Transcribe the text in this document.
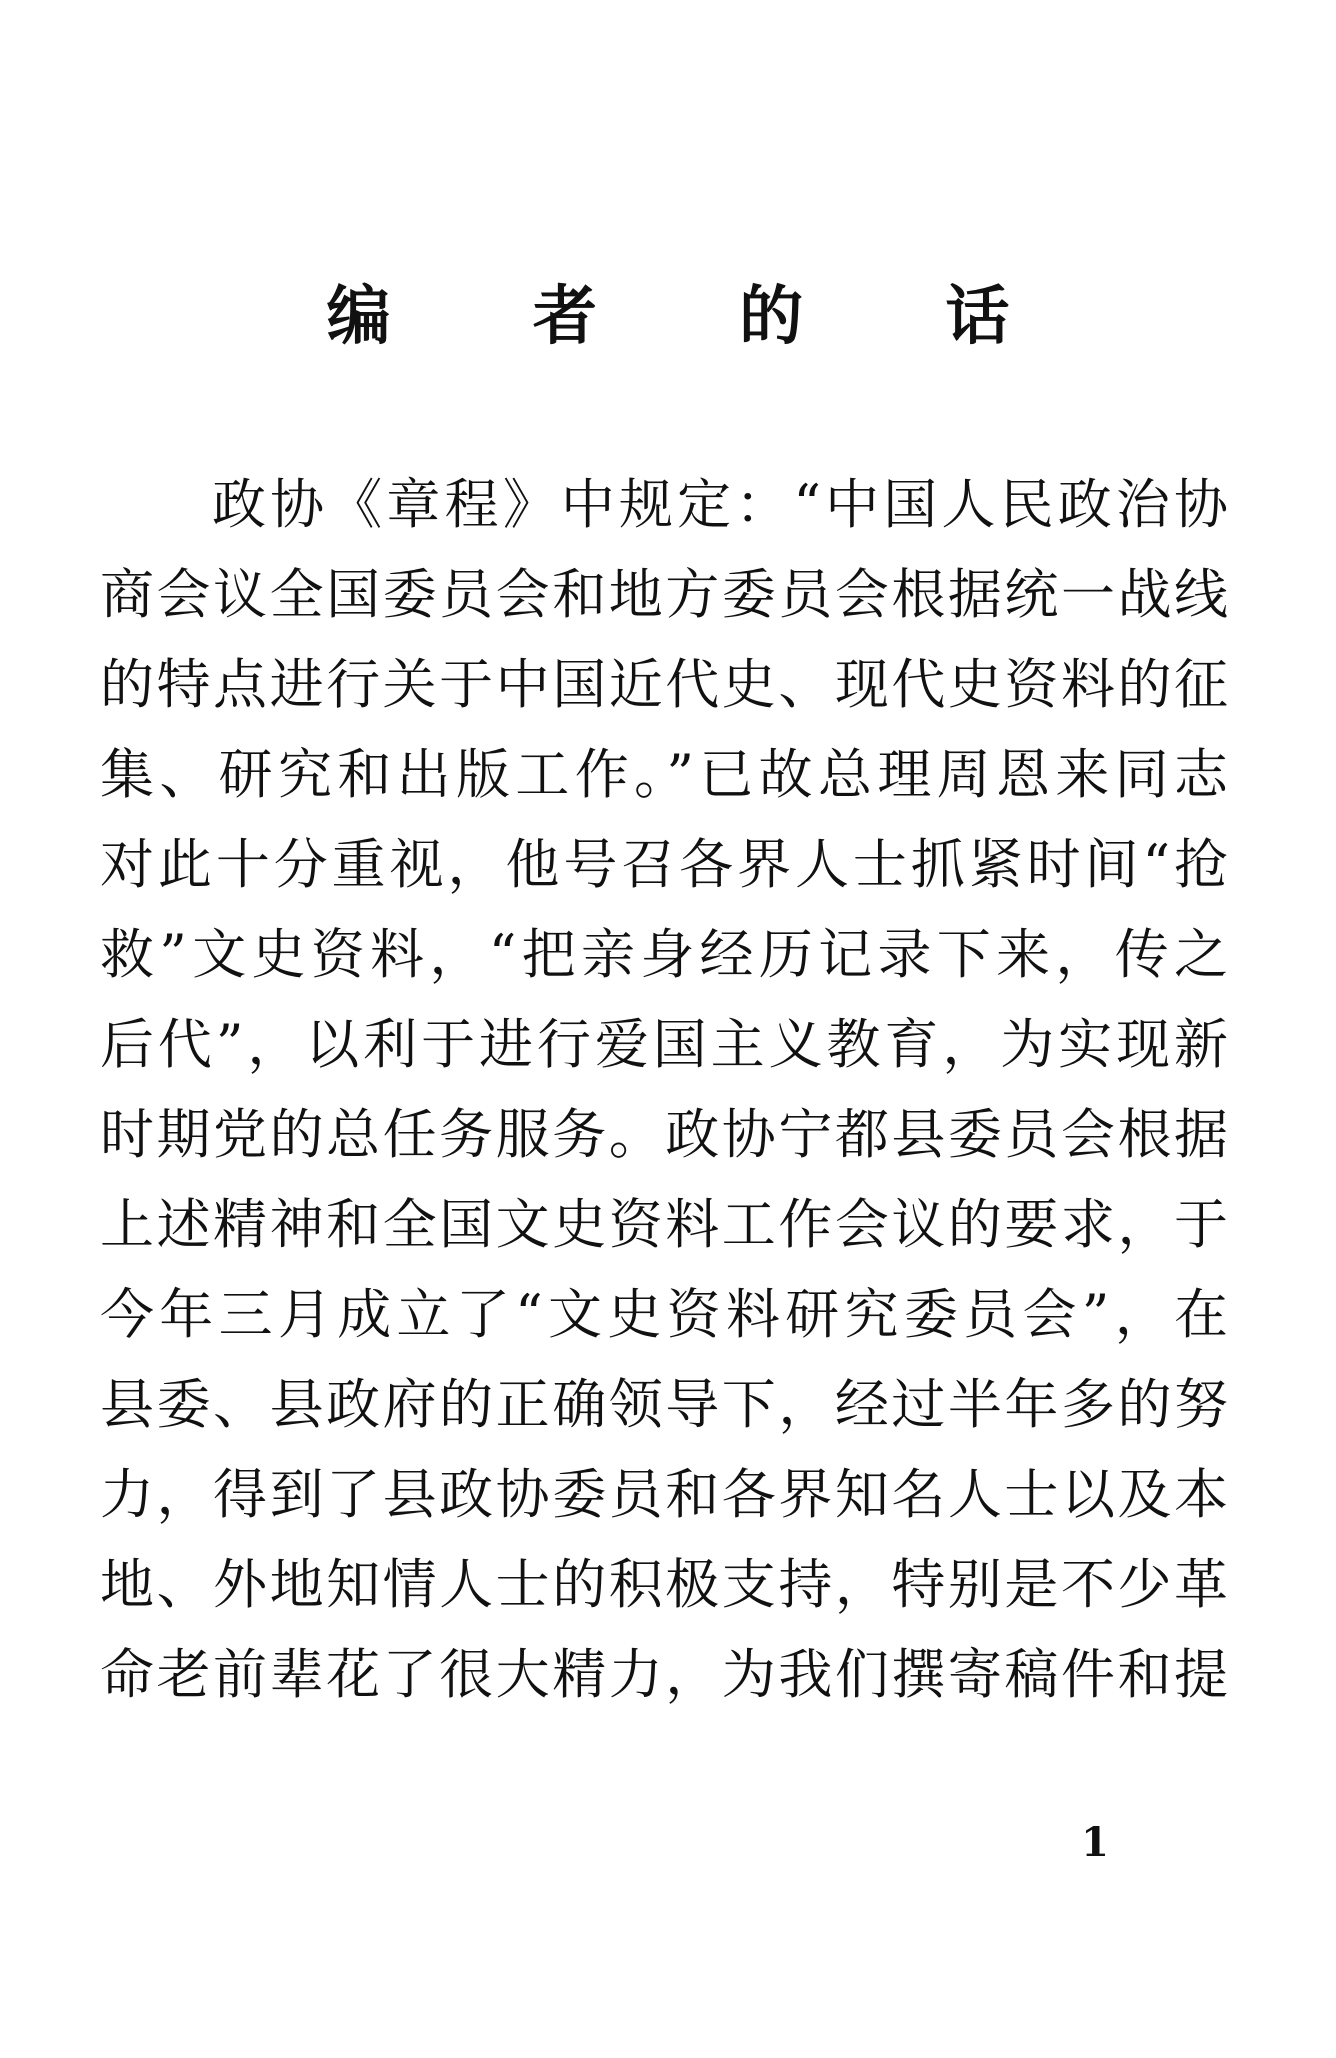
编 者 的 话
政协《章程》中规定：“中国人民政治协
商会议全国委员会和地方委员会根据统一战线
的特点进行关于中国近代史、现代史资料的征
集、研究和出版工作。”已故总理周恩来同志
对此十分重视，他号召各界人士抓紧时间“抢
救”文史资料，“把亲身经历记录下来，传之
后代”，以利于进行爱国主义教育，为实现新
时期党的总任务服务。政协宁都县委员会根据
上述精神和全国文史资料工作会议的要求，于
今年三月成立了“文史资料研究委员会”，在
县委、县政府的正确领导下，经过半年多的努
力，得到了县政协委员和各界知名人士以及本
地、外地知情人士的积极支持，特别是不少革
命老前辈花了很大精力，为我们撰寄稿件和提
1
